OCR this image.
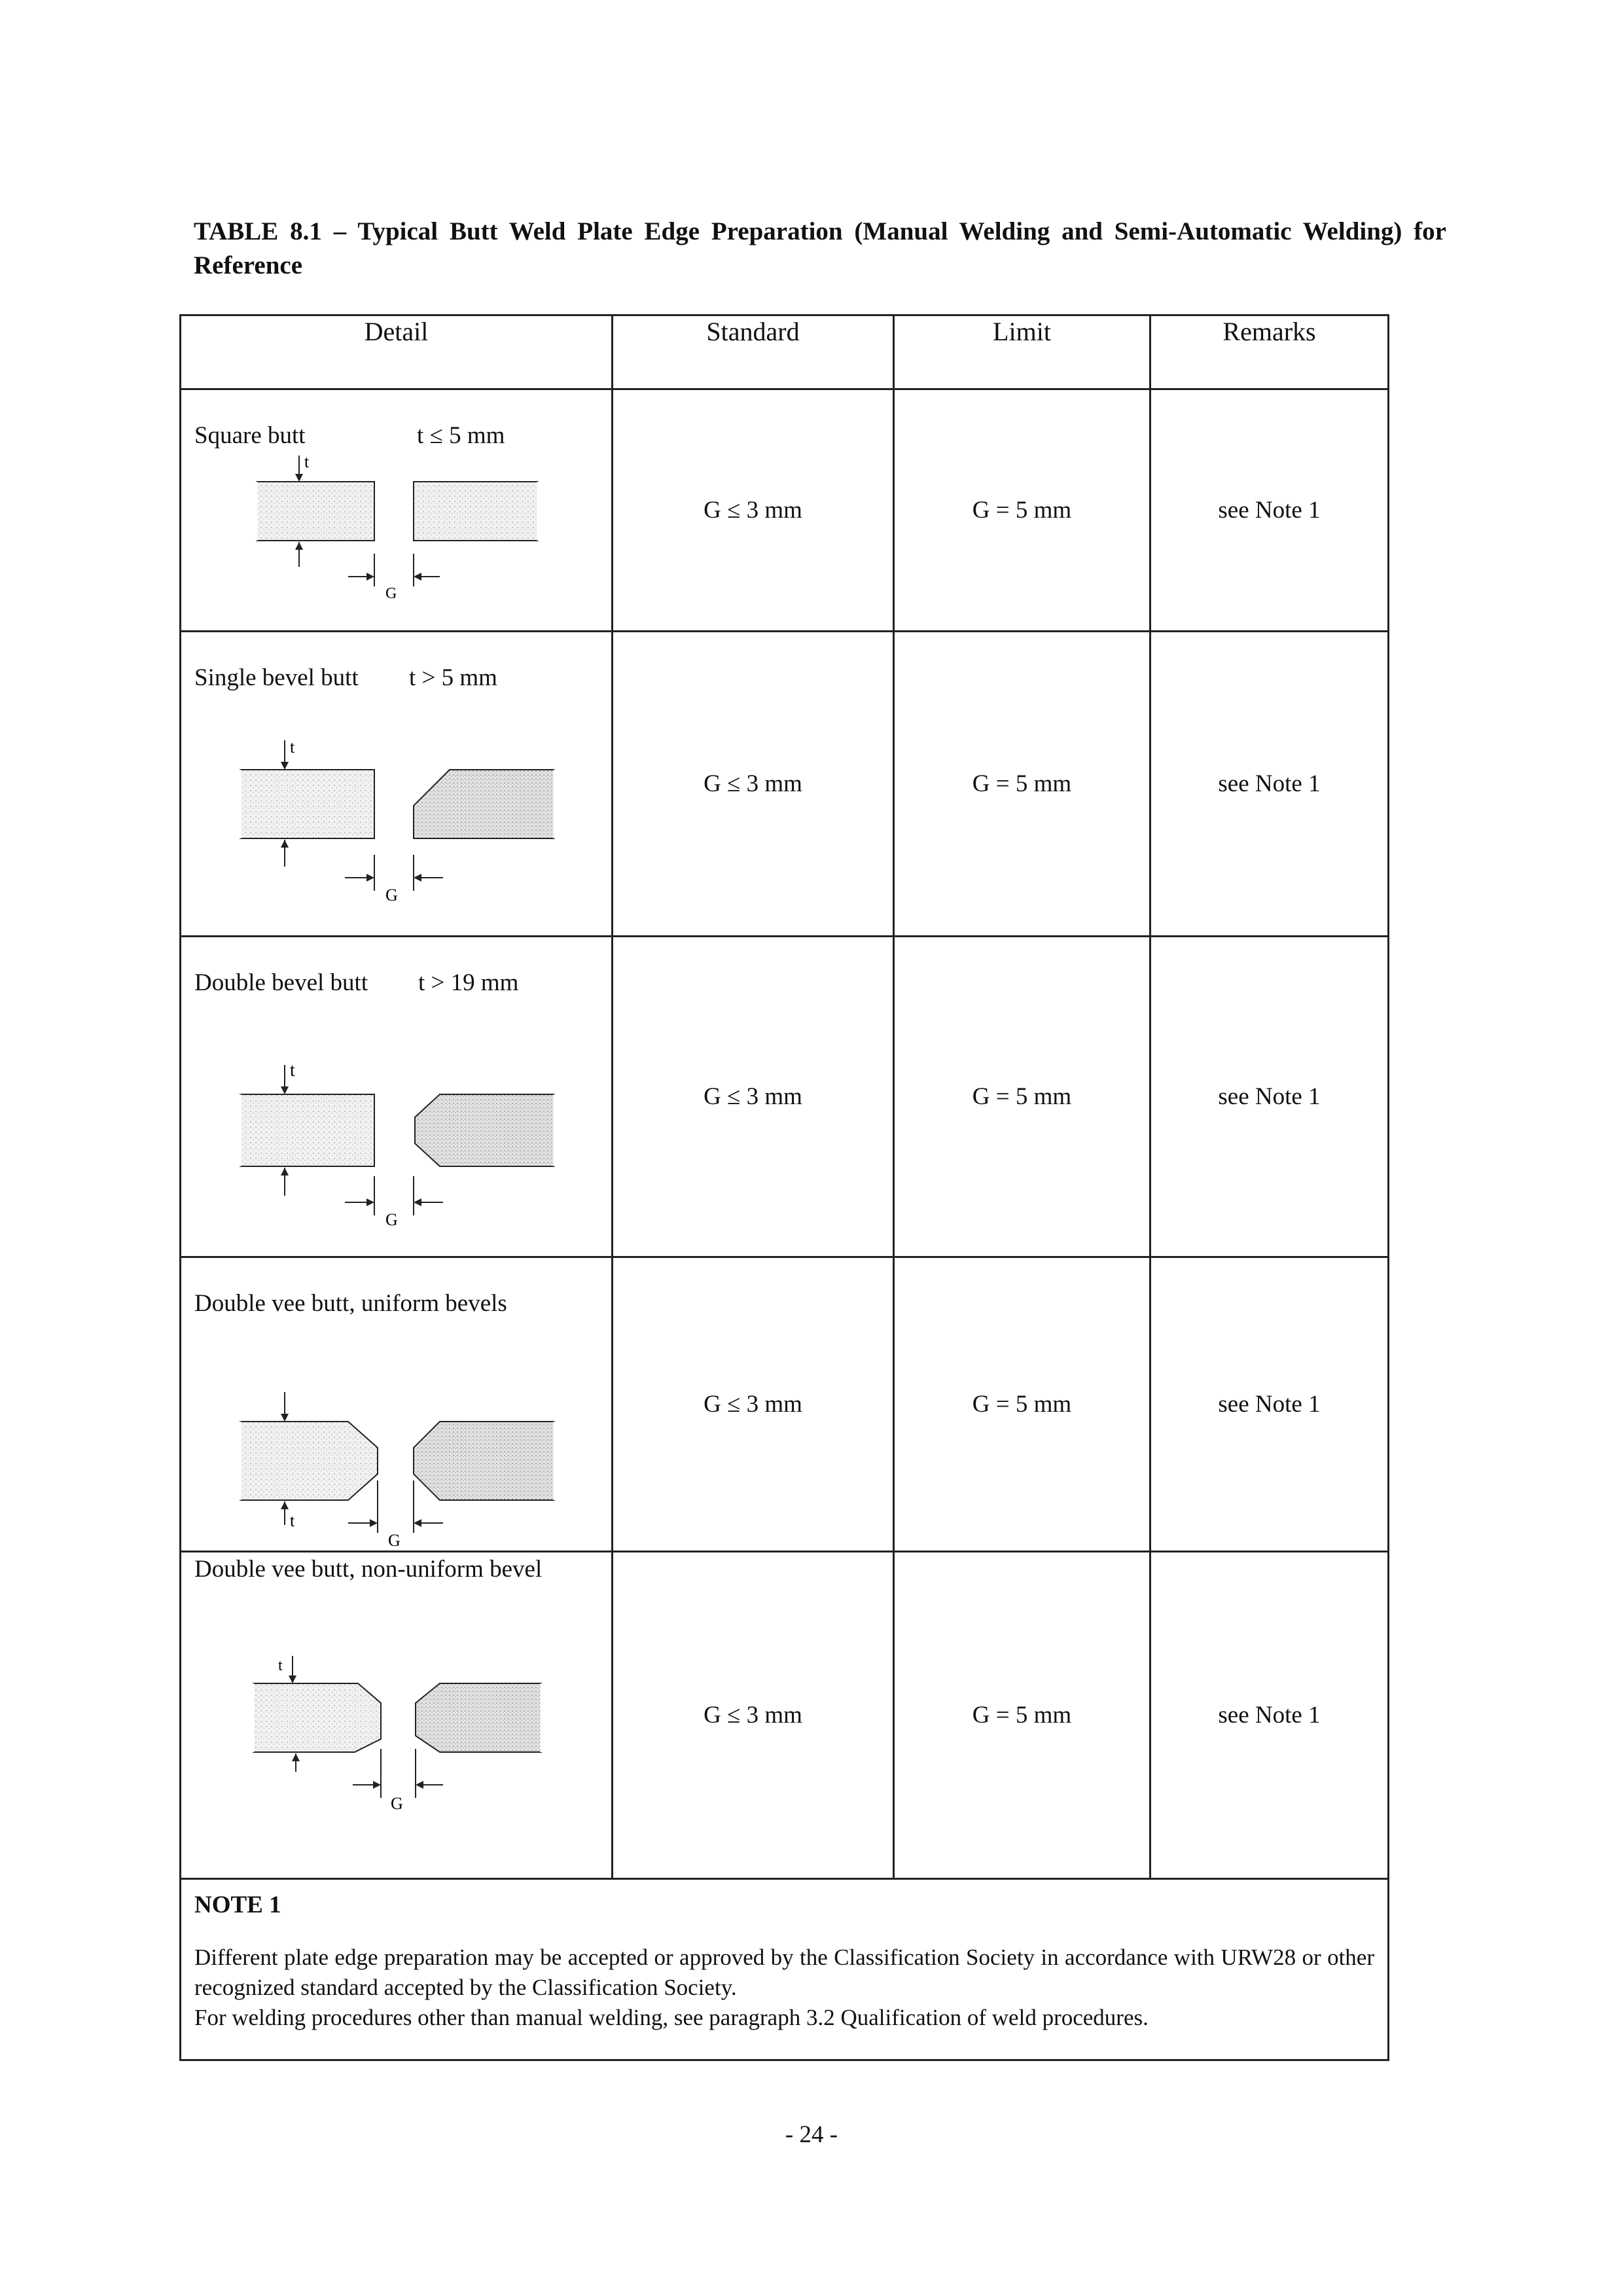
TABLE 8.1 – Typical Butt Weld Plate Edge Preparation (Manual Welding and Semi-Automatic Welding) for Reference
Detail	Standard	Limit	Remarks

Square butt t ≤ 5 mm
t
G	G ≤ 3 mm	G = 5 mm	see Note 1

Single bevel butt t > 5 mm
t
G	G ≤ 3 mm	G = 5 mm	see Note 1

Double bevel butt t > 19 mm
t
G	G ≤ 3 mm	G = 5 mm	see Note 1

Double vee butt, uniform bevels
t
G	G ≤ 3 mm	G = 5 mm	see Note 1

Double vee butt, non-uniform bevel
t
G	G ≤ 3 mm	G = 5 mm	see Note 1

NOTE 1
Different plate edge preparation may be accepted or approved by the Classification Society in accordance with URW28 or other recognized standard accepted by the Classification Society.
For welding procedures other than manual welding, see paragraph 3.2 Qualification of weld procedures.			
- 24 -
